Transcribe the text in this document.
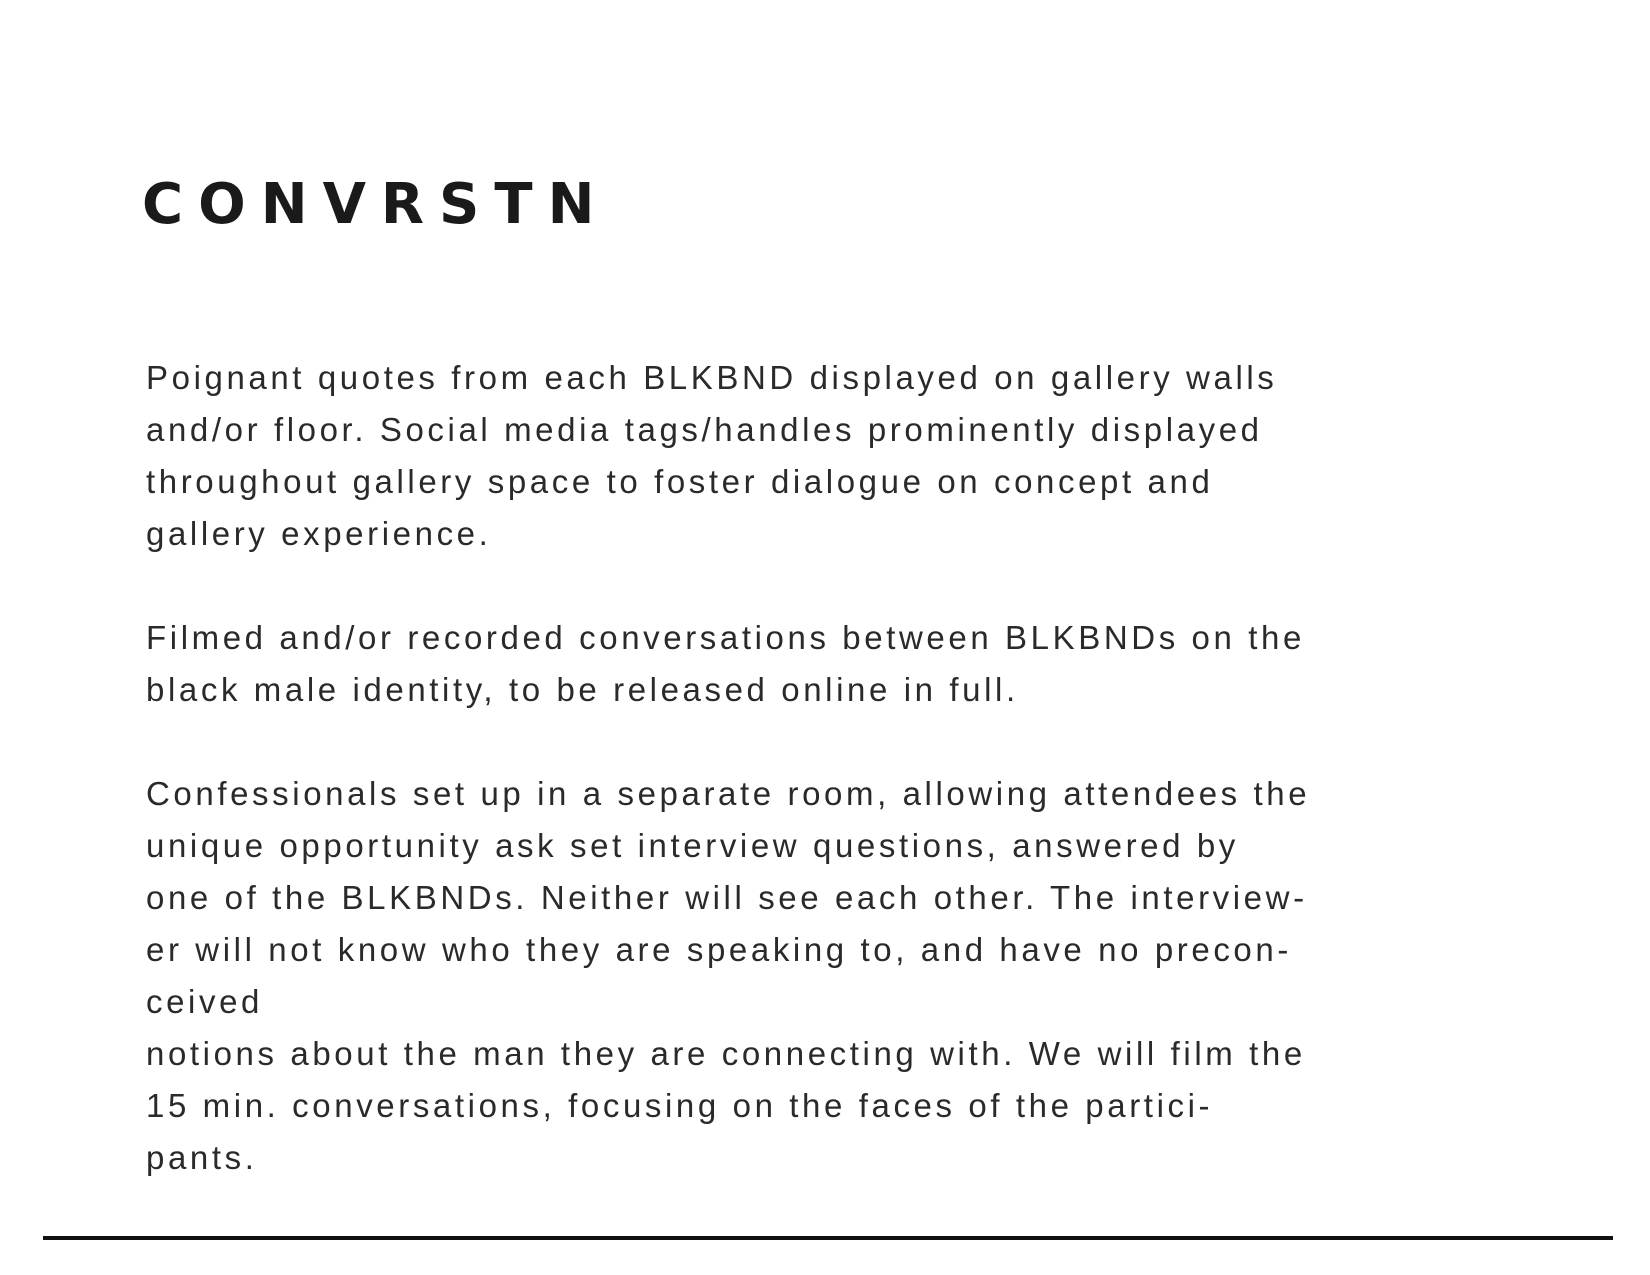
CONVRSTN

Poignant quotes from each BLKBND displayed on gallery walls
and/or floor. Social media tags/handles prominently displayed
throughout gallery space to foster dialogue on concept and
gallery experience.

Filmed and/or recorded conversations between BLKBNDs on the
black male identity, to be released online in full.

Confessionals set up in a separate room, allowing attendees the
unique opportunity ask set interview questions, answered by
one of the BLKBNDs. Neither will see each other. The interview-
er will not know who they are speaking to, and have no precon-
ceived
notions about the man they are connecting with. We will film the
15 min. conversations, focusing on the faces of the partici-
pants.
